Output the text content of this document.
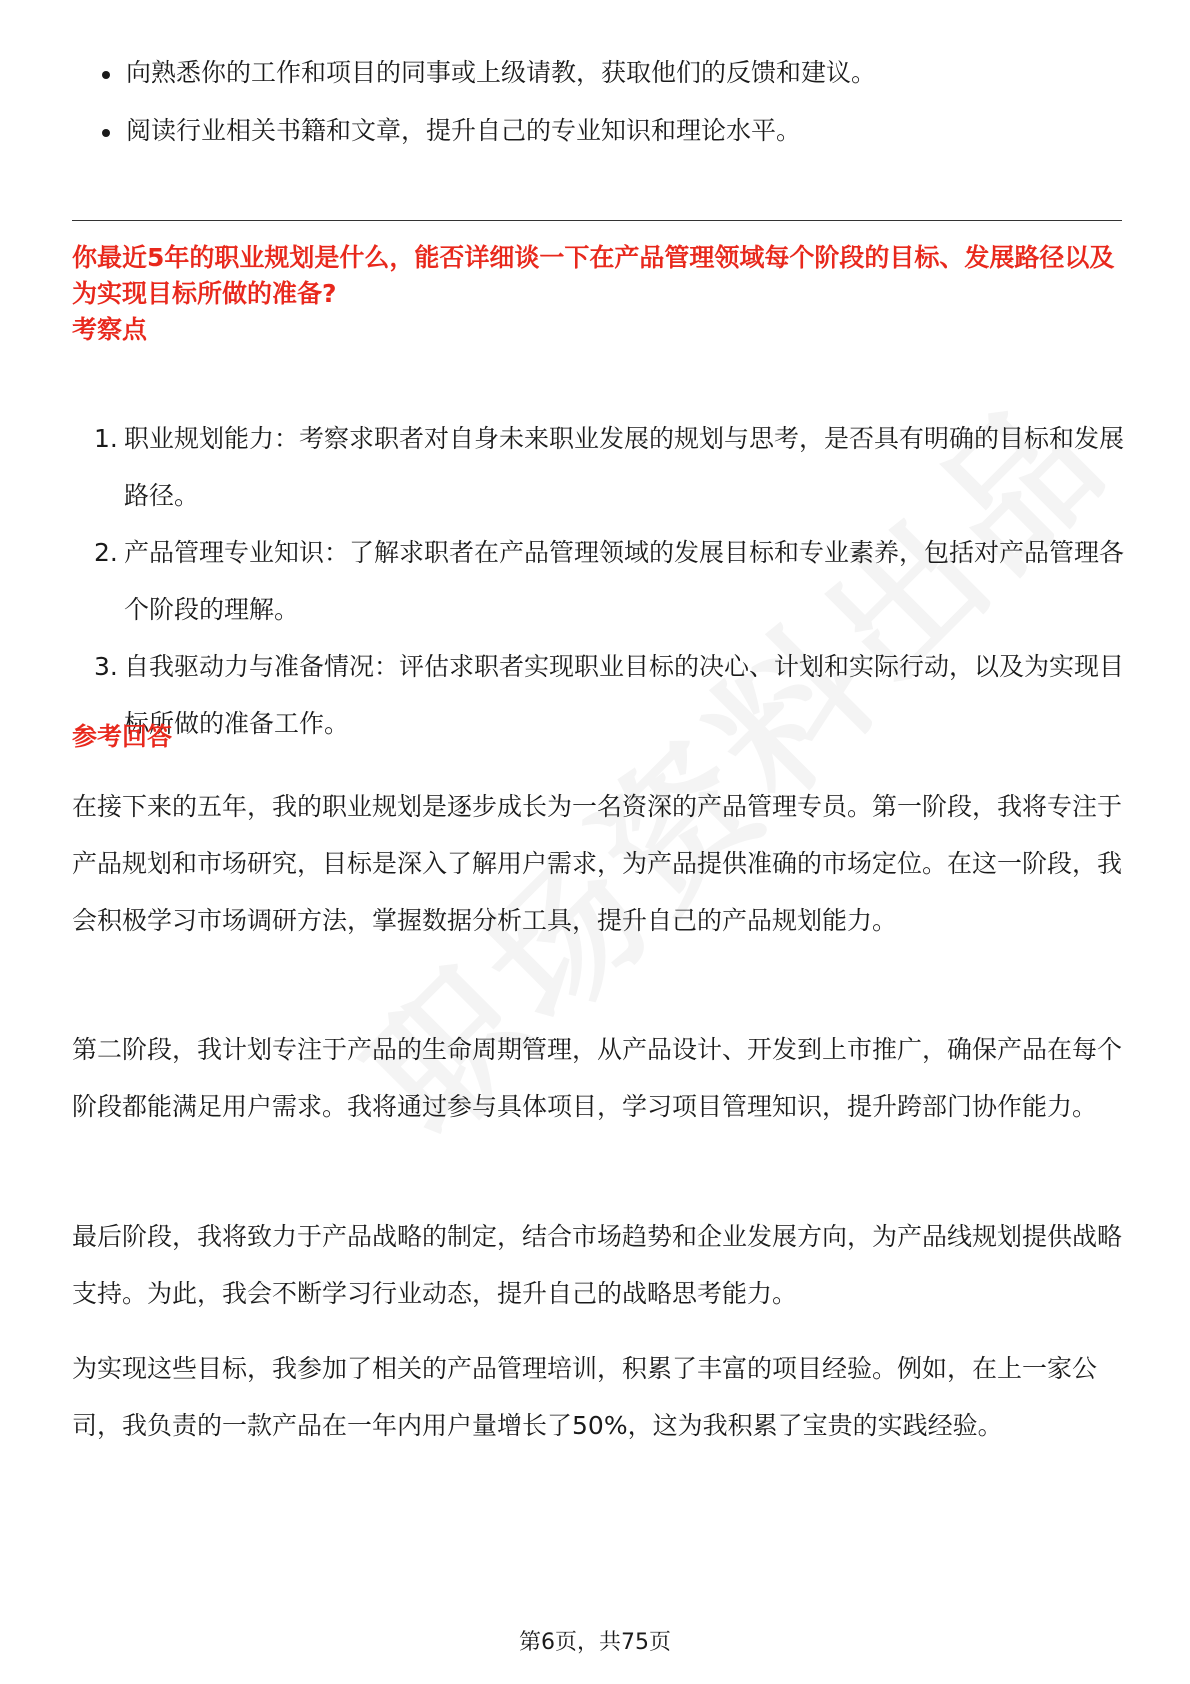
向熟悉你的工作和项目的同事或上级请教，获取他们的反馈和建议。
阅读行业相关书籍和文章，提升自己的专业知识和理论水平。
你最近5年的职业规划是什么，能否详细谈一下在产品管理领域每个阶段的目标、发展路径以及为实现目标所做的准备?
考察点
1. 职业规划能力：考察求职者对自身未来职业发展的规划与思考，是否具有明确的目标和发展路径。
2. 产品管理专业知识：了解求职者在产品管理领域的发展目标和专业素养，包括对产品管理各个阶段的理解。
3. 自我驱动力与准备情况：评估求职者实现职业目标的决心、计划和实际行动，以及为实现目标所做的准备工作。
参考回答

在接下来的五年，我的职业规划是逐步成长为一名资深的产品管理专员。第一阶段，我将专注于产品规划和市场研究，目标是深入了解用户需求，为产品提供准确的市场定位。在这一阶段，我会积极学习市场调研方法，掌握数据分析工具，提升自己的产品规划能力。

第二阶段，我计划专注于产品的生命周期管理，从产品设计、开发到上市推广，确保产品在每个阶段都能满足用户需求。我将通过参与具体项目，学习项目管理知识，提升跨部门协作能力。

最后阶段，我将致力于产品战略的制定，结合市场趋势和企业发展方向，为产品线规划提供战略支持。为此，我会不断学习行业动态，提升自己的战略思考能力。

为实现这些目标，我参加了相关的产品管理培训，积累了丰富的项目经验。例如，在上一家公司，我负责的一款产品在一年内用户量增长了50%，这为我积累了宝贵的实践经验。

第6页，共75页
